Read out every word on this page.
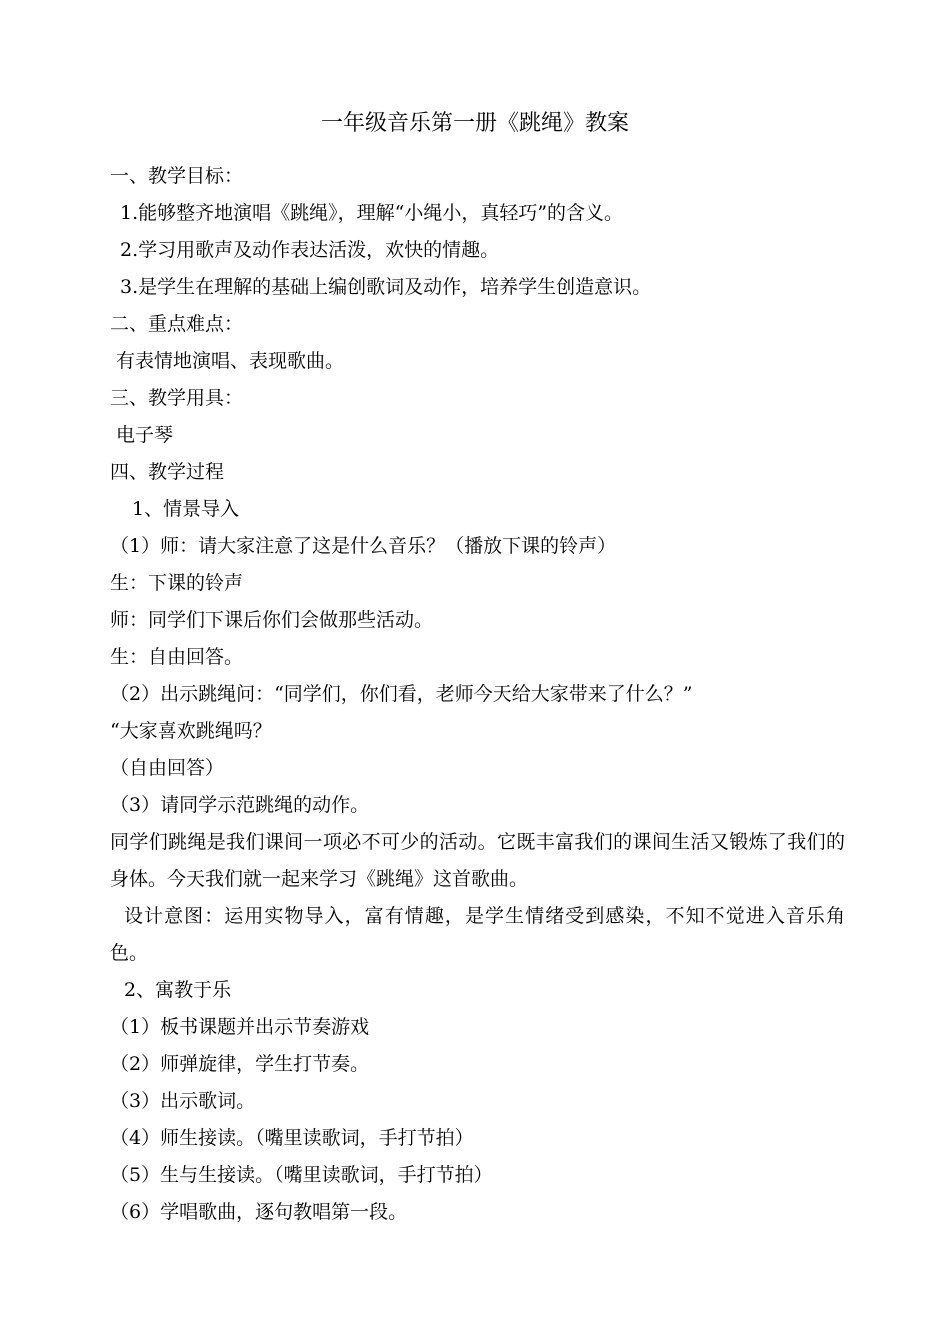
一年级音乐第一册《跳绳》教案
一、教学目标：
1.能够整齐地演唱《跳绳》，理解“小绳小，真轻巧”的含义。
2.学习用歌声及动作表达活泼，欢快的情趣。
3.是学生在理解的基础上编创歌词及动作，培养学生创造意识。
二、重点难点：
有表情地演唱、表现歌曲。
三、教学用具：
电子琴
四、教学过程
1、情景导入
（1）师：请大家注意了这是什么音乐？（播放下课的铃声）
生：下课的铃声
师：同学们下课后你们会做那些活动。
生：自由回答。
（2）出示跳绳问：“同学们，你们看，老师今天给大家带来了什么？”
“大家喜欢跳绳吗？
（自由回答）
（3）请同学示范跳绳的动作。
同学们跳绳是我们课间一项必不可少的活动。它既丰富我们的课间生活又锻炼了我们的身体。今天我们就一起来学习《跳绳》这首歌曲。
设计意图：运用实物导入，富有情趣，是学生情绪受到感染，不知不觉进入音乐角色。
2、寓教于乐
（1）板书课题并出示节奏游戏
（2）师弹旋律，学生打节奏。
（3）出示歌词。
（4）师生接读。（嘴里读歌词，手打节拍）
（5）生与生接读。（嘴里读歌词，手打节拍）
（6）学唱歌曲，逐句教唱第一段。
